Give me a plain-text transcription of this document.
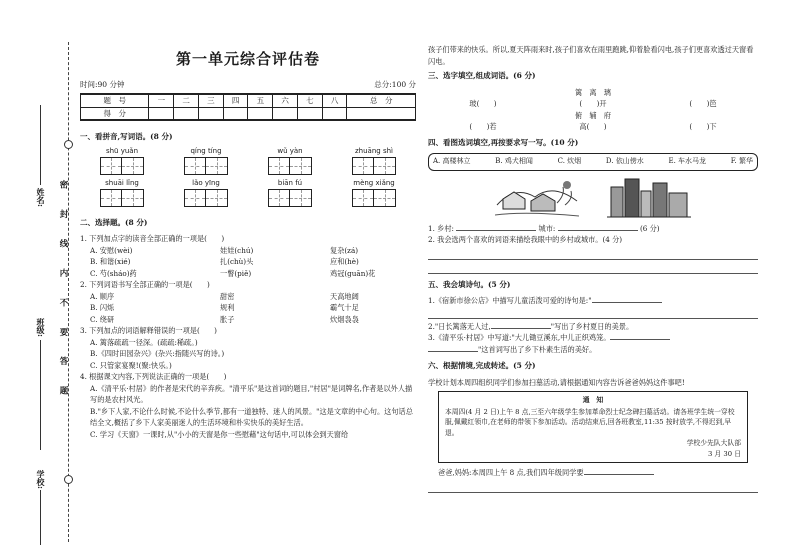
学校:
班级:
姓名: 密 封 线 内 不 要 答 题
第一单元综合评估卷
时间:90 分钟	总分:100 分
题　号	一	二	三	四	五	六	七	八	总　分
得　分									
一、看拼音,写词语。(8 分)
shū yuǎn	qíng tíng	wǔ yàn	zhuāng shì
shuāi lǐng	lǎo yīng	biān fú	mèng xiǎng
二、选择题。(8 分)
1. 下列加点字的读音全部正确的一项是(　　)
A. 安慰(wèi)	娃娃(chú)	复杂(zá)
B. 和谐(xié)	扎(chù)头	应和(hè)
C. 芍(sháo)药	一瞥(piě)	鸡冠(guān)花
2. 下列词语书写全部正确的一项是(　　)
A. 顺序	甜密	天高地阔
B. 闪烁	规利	霸气十足
C. 绕研	胀子	炊烟袅袅
3. 下列加点的词语解释错误的一项是(　　)
A. 篱落疏疏一径深。(疏疏:稀疏。)
B.《四时田园杂兴》(杂兴:指随兴写的诗。)
C. 只管家宴聚!(聚:快乐。)
4. 根据课文内容,下列说法正确的一项是(　　)
A.《清平乐·村居》的作者是宋代的辛弃疾。"清平乐"是这首词的题目,"村居"是词牌名,作者是以外人描写的是农村风光。
B."乡下人家,不论什么时候,不论什么季节,都有一道独特、迷人的风景。"这是文章的中心句。这句话总结全文,概括了乡下人家美丽迷人的生活环境和朴实快乐的美好生活。
C. 学习《天窗》一课时,从"小小的天窗是你一些慰藉"这句话中,可以体会到天窗给
孩子们带来的快乐。所以,夏天阵雨来时,孩子们喜欢在雨里跑跳,仰着脸看闪电,孩子们更喜欢透过天窗看闪电。
三、选字填空,组成词语。(6 分)
篱　离　璃
玻(　　)	(　　)开	(　　)笆
俯　辅　府
(　　)若	高(　　)	(　　)下
四、看图选词填空,再按要求写一写。(10 分)
A. 高楼林立	B. 鸡犬相闻	C. 炊烟	D. 依山傍水	E. 车水马龙	F. 繁华
1. 乡村:	城市:	(6 分)
2. 我会选两个喜欢的词语来描绘我眼中的乡村或城市。(4 分)
五、我会填诗句。(5 分)
1.《宿新市徐公店》中描写儿童活泼可爱的诗句是:"
2."日长篱落无人过,	"写出了乡村夏日的美景。
3.《清平乐·村居》中写道:"大儿锄豆溪东,中儿正织鸡笼。
"这首词写出了乡下朴素生活的美好。
六、根据情境,完成转述。(5 分)
学校计划本周四组织同学们参加扫墓活动,请根据通知内容告诉爸爸妈妈这件事吧!
通　知
本周四(4 月 2 日)上午 8 点,三至六年级学生参加革命烈士纪念碑扫墓活动。请各班学生统一穿校服,佩戴红领巾,在老师的带领下参加活动。活动结束后,回各班教室,11:35 按时放学,不得迟到,早退。
学校少先队大队部
3 月 30 日
爸爸,妈妈:本周四上午 8 点,我们四年级同学要
